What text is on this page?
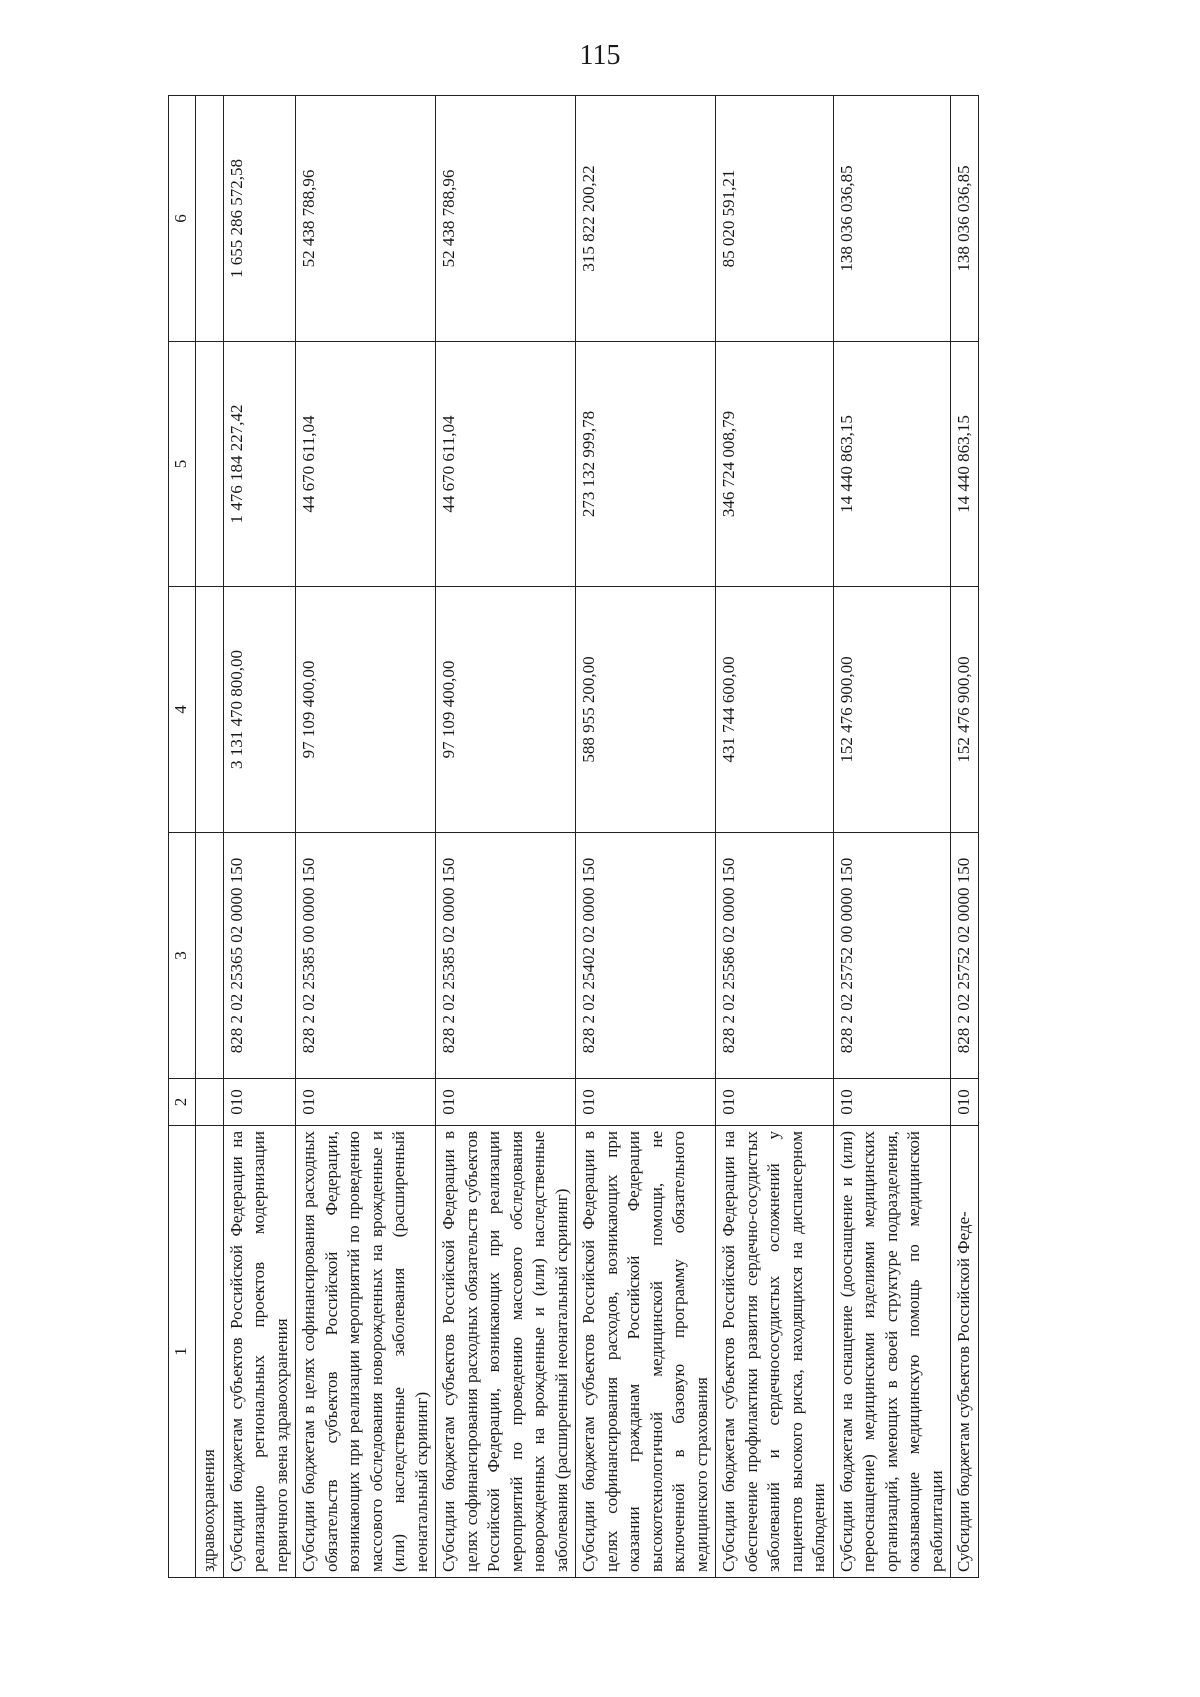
115
1	2	3	4	5	6
здравоохранения					
Субсидии бюджетам субъектов Российской Федерации на реализацию региональных проектов модернизации первичного звена здравоохранения	010	828 2 02 25365 02 0000 150	3 131 470 800,00	1 476 184 227,42	1 655 286 572,58
Субсидии бюджетам в целях софинансирования расходных обязательств субъектов Российской Федерации, возникающих при реализации мероприятий по проведению массового обследования новорожденных на врожденные и (или) наследственные заболевания (расширенный неонатальный скрининг)	010	828 2 02 25385 00 0000 150	97 109 400,00	44 670 611,04	52 438 788,96
Субсидии бюджетам субъектов Российской Федерации в целях софинансирования расходных обязательств субъектов Российской Федерации, возникающих при реализации мероприятий по проведению массового обследования новорожденных на врожденные и (или) наследственные заболевания (расширенный неонатальный скрининг)	010	828 2 02 25385 02 0000 150	97 109 400,00	44 670 611,04	52 438 788,96
Субсидии бюджетам субъектов Российской Федерации в целях софинансирования расходов, возникающих при оказании гражданам Российской Федерации высокотехнологичной медицинской помощи, не включенной в базовую программу обязательного медицинского страхования	010	828 2 02 25402 02 0000 150	588 955 200,00	273 132 999,78	315 822 200,22
Субсидии бюджетам субъектов Российской Федерации на обеспечение профилактики развития сердечно-сосудистых заболеваний и сердечнососудистых осложнений у пациентов высокого риска, находящихся на диспансерном наблюдении	010	828 2 02 25586 02 0000 150	431 744 600,00	346 724 008,79	85 020 591,21
Субсидии бюджетам на оснащение (дооснащение и (или) переоснащение) медицинскими изделиями медицинских организаций, имеющих в своей структуре подразделения, оказывающие медицинскую помощь по медицинской реабилитации	010	828 2 02 25752 00 0000 150	152 476 900,00	14 440 863,15	138 036 036,85
Субсидии бюджетам субъектов Российской Феде-	010	828 2 02 25752 02 0000 150	152 476 900,00	14 440 863,15	138 036 036,85
